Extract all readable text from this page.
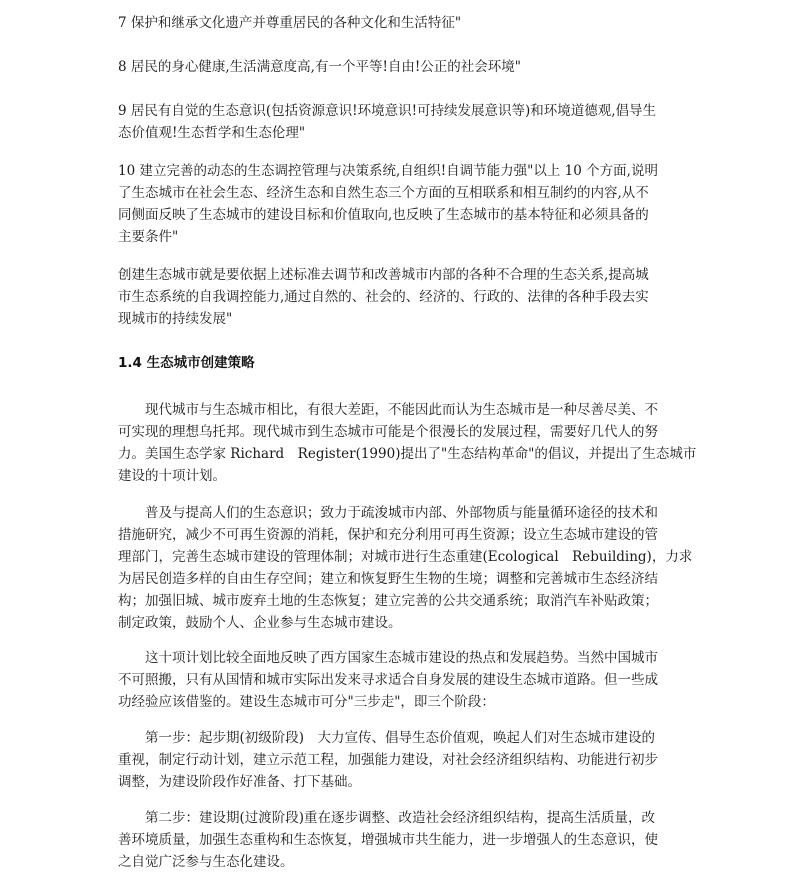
7 保护和继承文化遗产并尊重居民的各种文化和生活特征"

8 居民的身心健康,生活满意度高,有一个平等!自由!公正的社会环境"

9 居民有自觉的生态意识(包括资源意识!环境意识!可持续发展意识等)和环境道德观,倡导生
态价值观!生态哲学和生态伦理"

10 建立完善的动态的生态调控管理与决策系统,自组织!自调节能力强"以上 10 个方面,说明
了生态城市在社会生态、经济生态和自然生态三个方面的互相联系和相互制约的内容,从不
同侧面反映了生态城市的建设目标和价值取向,也反映了生态城市的基本特征和必须具备的
主要条件"

创建生态城市就是要依据上述标准去调节和改善城市内部的各种不合理的生态关系,提高城
市生态系统的自我调控能力,通过自然的、社会的、经济的、行政的、法律的各种手段去实
现城市的持续发展"

1.4 生态城市创建策略

　　现代城市与生态城市相比，有很大差距，不能因此而认为生态城市是一种尽善尽美、不
可实现的理想乌托邦。现代城市到生态城市可能是个很漫长的发展过程，需要好几代人的努
力。美国生态学家 Richard　Register(1990)提出了"生态结构革命"的倡议，并提出了生态城市
建设的十项计划。

　　普及与提高人们的生态意识；致力于疏浚城市内部、外部物质与能量循环途径的技术和
措施研究，减少不可再生资源的消耗，保护和充分利用可再生资源；设立生态城市建设的管
理部门，完善生态城市建设的管理体制；对城市进行生态重建(Ecological　Rebuilding)，力求
为居民创造多样的自由生存空间；建立和恢复野生生物的生境；调整和完善城市生态经济结
构；加强旧城、城市废弃土地的生态恢复；建立完善的公共交通系统；取消汽车补贴政策；
制定政策，鼓励个人、企业参与生态城市建设。

　　这十项计划比较全面地反映了西方国家生态城市建设的热点和发展趋势。当然中国城市
不可照搬，只有从国情和城市实际出发来寻求适合自身发展的建设生态城市道路。但一些成
功经验应该借鉴的。建设生态城市可分"三步走"，即三个阶段：

　　第一步：起步期(初级阶段)　大力宣传、倡导生态价值观，唤起人们对生态城市建设的
重视，制定行动计划，建立示范工程，加强能力建设，对社会经济组织结构、功能进行初步
调整，为建设阶段作好准备、打下基础。

　　第二步：建设期(过渡阶段)重在逐步调整、改造社会经济组织结构，提高生活质量，改
善环境质量，加强生态重构和生态恢复，增强城市共生能力，进一步增强人的生态意识，使
之自觉广泛参与生态化建设。
